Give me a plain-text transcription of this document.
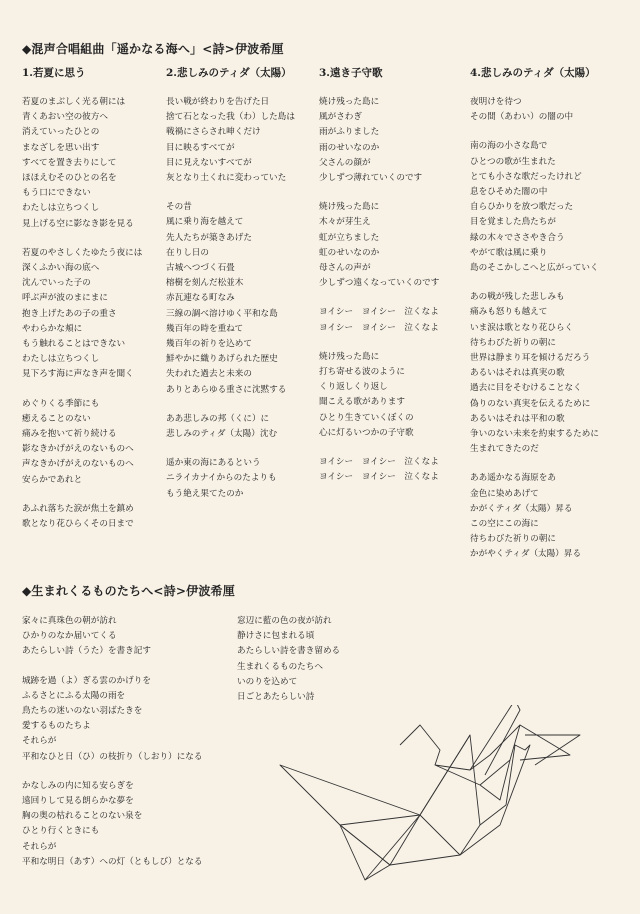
◆混声合唱組曲「遥かなる海へ」<詩>伊波希厘
1.若夏に思う
若夏のまぶしく光る朝には
青くあおい空の彼方へ
消えていったひとの
まなざしを思い出す
すべてを置き去りにして
ほほえむそのひとの名を
もう口にできない
わたしは立ちつくし
見上げる空に影なき影を見る
若夏のやさしくたゆたう夜には
深くふかい海の底へ
沈んでいった子の
呼ぶ声が波のまにまに
抱き上げたあの子の重さ
やわらかな頬に
もう触れることはできない
わたしは立ちつくし
見下ろす海に声なき声を聞く
めぐりくる季節にも
癒えることのない
痛みを抱いて祈り続ける
影なきかげがえのないものへ
声なきかげがえのないものへ
安らかであれと
あふれ落ちた涙が焦土を鎮め
歌となり花ひらくその日まで
2.悲しみのティダ（太陽）
長い戦が終わりを告げた日
捨て石となった我（わ）した島は
戦禍にさらされ呻くだけ
目に映るすべてが
目に見えないすべてが
灰となり土くれに変わっていた
その昔
風に乗り海を越えて
先人たちが築きあげた
在りし日の
古城へつづく石畳
榕樹を刻んだ松並木
赤瓦連なる町なみ
三線の調べ溶けゆく平和な島
幾百年の時を重ねて
幾百年の祈りを込めて
鮮やかに織りあげられた歴史
失われた過去と未来の
ありとあらゆる重さに沈黙する
ああ悲しみの邦（くに）に
悲しみのティダ（太陽）沈む
遥か東の海にあるという
ニライカナイからのたよりも
もう絶え果てたのか
3.遠き子守歌
焼け残った島に
風がさわぎ
雨がふりました
雨のせいなのか
父さんの顔が
少しずつ薄れていくのです
焼け残った島に
木々が芽生え
虹が立ちました
虹のせいなのか
母さんの声が
少しずつ遠くなっていくのです
ヨイシー　ヨイシー　泣くなよ
ヨイシー　ヨイシー　泣くなよ
焼け残った島に
打ち寄せる波のように
くり返しくり返し
聞こえる歌があります
ひとり生きていくぼくの
心に灯るいつかの子守歌
ヨイシー　ヨイシー　泣くなよ
ヨイシー　ヨイシー　泣くなよ
4.悲しみのティダ（太陽）
夜明けを待つ
その間（あわい）の闇の中
南の海の小さな島で
ひとつの歌が生まれた
とても小さな歌だったけれど
息をひそめた闇の中
自らひかりを放つ歌だった
目を覚ました鳥たちが
緑の木々でささやき合う
やがて歌は風に乗り
島のそこかしこへと広がっていく
あの戦が残した悲しみも
痛みも怒りも越えて
いま涙は歌となり花ひらく
待ちわびた祈りの朝に
世界は静まり耳を傾けるだろう
あるいはそれは真実の歌
過去に目をそむけることなく
偽りのない真実を伝えるために
あるいはそれは平和の歌
争いのない未来を約束するために
生まれてきたのだ
ああ遥かなる海原をあ
金色に染めあげて
かがくティダ（太陽）昇る
この空にこの海に
待ちわびた祈りの朝に
かがやくティダ（太陽）昇る
◆生まれくるものたちへ<詩>伊波希厘
家々に真珠色の朝が訪れ
ひかりのなか届いてくる
あたらしい詩（うた）を書き記す
城跡を過（よ）ぎる雲のかげりを
ふるさとにふる太陽の雨を
鳥たちの迷いのない羽ばたきを
愛するものたちよ
それらが
平和なひと日（ひ）の枝折り（しおり）になる
かなしみの内に知る安らぎを
遠回りして見る朗らかな夢を
胸の奥の枯れることのない泉を
ひとり行くときにも
それらが
平和な明日（あす）への灯（ともしび）となる
窓辺に藍の色の夜が訪れ
静けさに包まれる頃
あたらしい詩を書き留める
生まれくるものたちへ
いのりを込めて
日ごとあたらしい詩
